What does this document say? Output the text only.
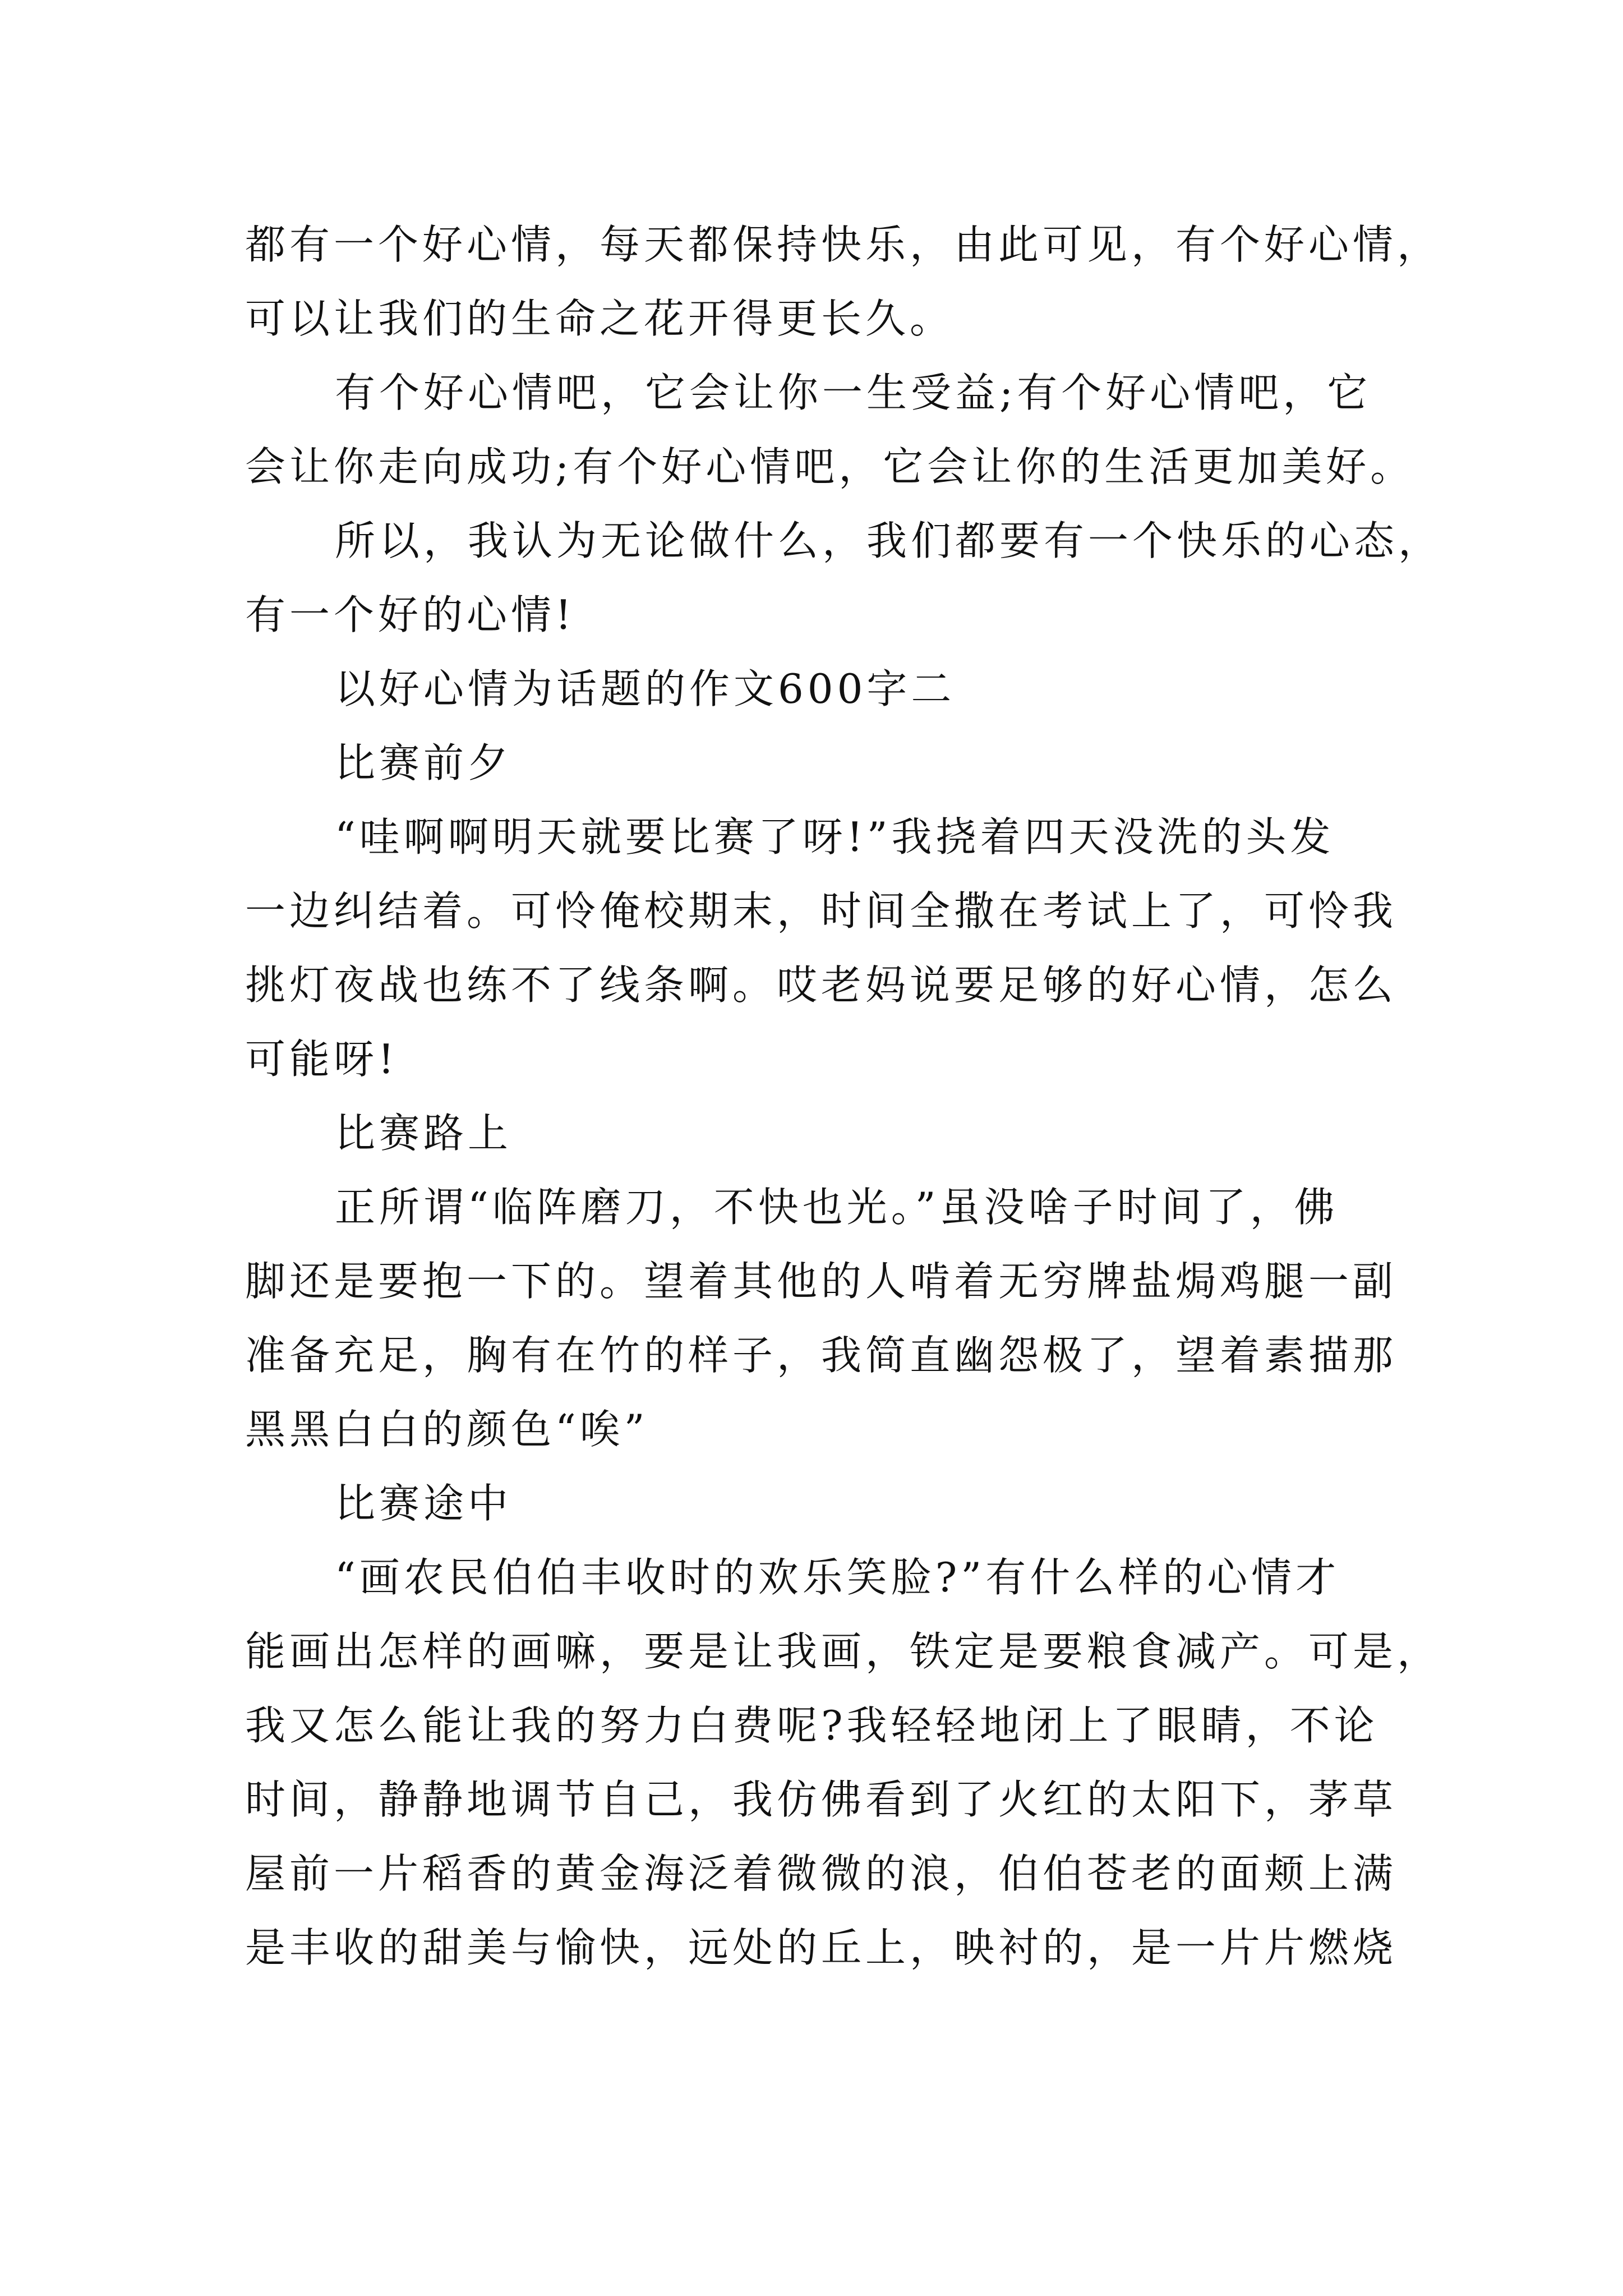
都有一个好心情，每天都保持快乐，由此可见，有个好心情，
可以让我们的生命之花开得更长久。
有个好心情吧，它会让你一生受益;有个好心情吧，它
会让你走向成功;有个好心情吧，它会让你的生活更加美好。
所以，我认为无论做什么，我们都要有一个快乐的心态，
有一个好的心情!
以好心情为话题的作文600字二
比赛前夕
“哇啊啊明天就要比赛了呀!”我挠着四天没洗的头发
一边纠结着。可怜俺校期末，时间全撒在考试上了，可怜我
挑灯夜战也练不了线条啊。哎老妈说要足够的好心情，怎么
可能呀!
比赛路上
正所谓“临阵磨刀，不快也光。”虽没啥子时间了，佛
脚还是要抱一下的。望着其他的人啃着无穷牌盐焗鸡腿一副
准备充足，胸有在竹的样子，我简直幽怨极了，望着素描那
黑黑白白的颜色“唉”
比赛途中
“画农民伯伯丰收时的欢乐笑脸?”有什么样的心情才
能画出怎样的画嘛，要是让我画，铁定是要粮食减产。可是，
我又怎么能让我的努力白费呢?我轻轻地闭上了眼睛，不论
时间，静静地调节自己，我仿佛看到了火红的太阳下，茅草
屋前一片稻香的黄金海泛着微微的浪，伯伯苍老的面颊上满
是丰收的甜美与愉快，远处的丘上，映衬的，是一片片燃烧
